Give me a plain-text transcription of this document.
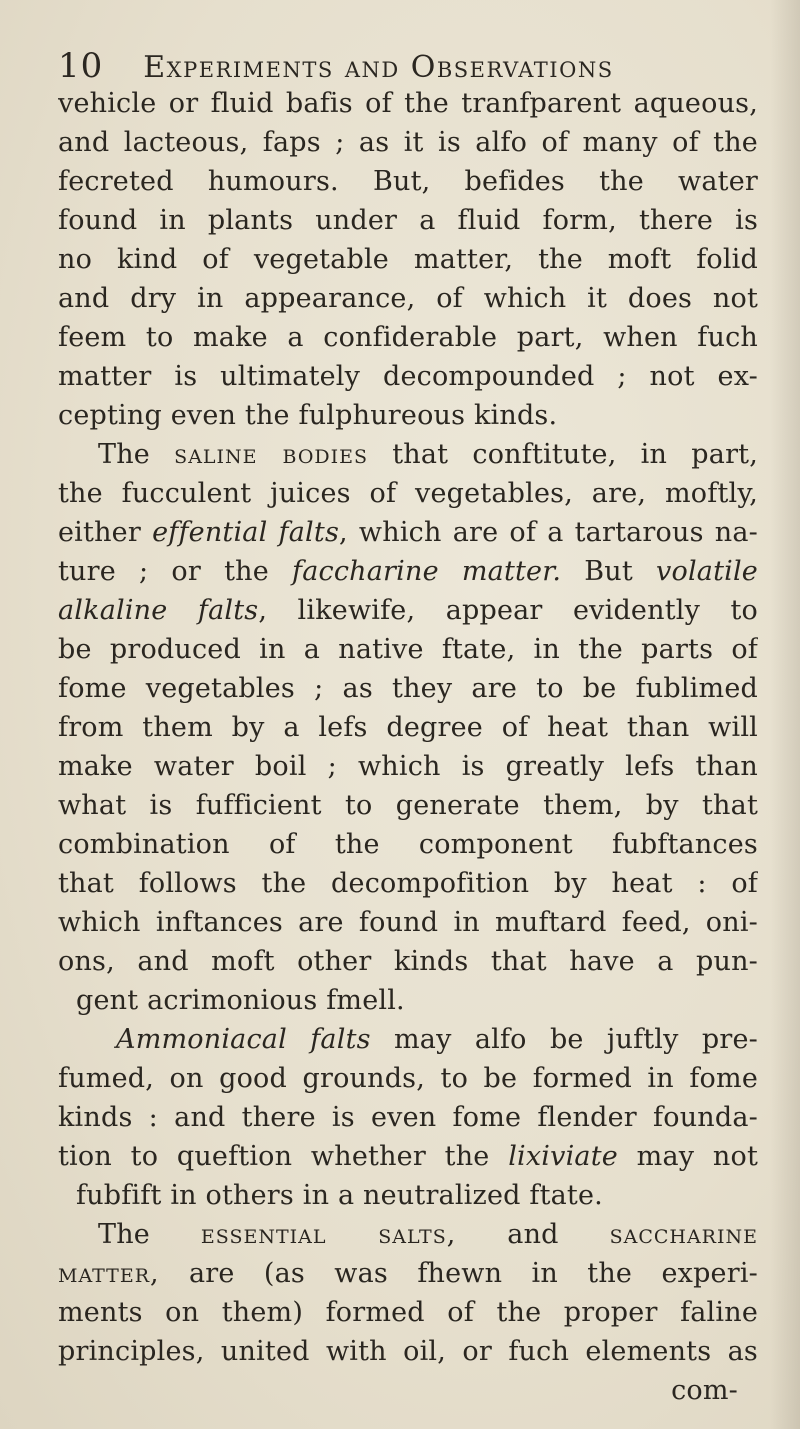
10 Experiments and Observations
vehicle or fluid bafis of the tranfparent aqueous,
and lacteous, faps ; as it is alfo of many of the
fecreted humours. But, befides the water
found in plants under a fluid form, there is
no kind of vegetable matter, the moft folid
and dry in appearance, of which it does not
feem to make a confiderable part, when fuch
matter is ultimately decompounded ; not ex-
cepting even the fulphureous kinds.
The saline bodies that conftitute, in part,
the fucculent juices of vegetables, are, moftly,
either effential falts, which are of a tartarous na-
ture ; or the faccharine matter. But volatile
alkaline falts, likewife, appear evidently to
be produced in a native ftate, in the parts of
fome vegetables ; as they are to be fublimed
from them by a lefs degree of heat than will
make water boil ; which is greatly lefs than
what is fufficient to generate them, by that
combination of the component fubftances
that follows the decompofition by heat : of
which inftances are found in muftard feed, oni-
ons, and moft other kinds that have a pun-
gent acrimonious fmell.
Ammoniacal falts may alfo be juftly pre-
fumed, on good grounds, to be formed in fome
kinds : and there is even fome flender founda-
tion to queftion whether the lixiviate may not
fubfift in others in a neutralized ftate.
The essential salts, and saccharine
matter, are (as was fhewn in the experi-
ments on them) formed of the proper faline
principles, united with oil, or fuch elements as
com-
